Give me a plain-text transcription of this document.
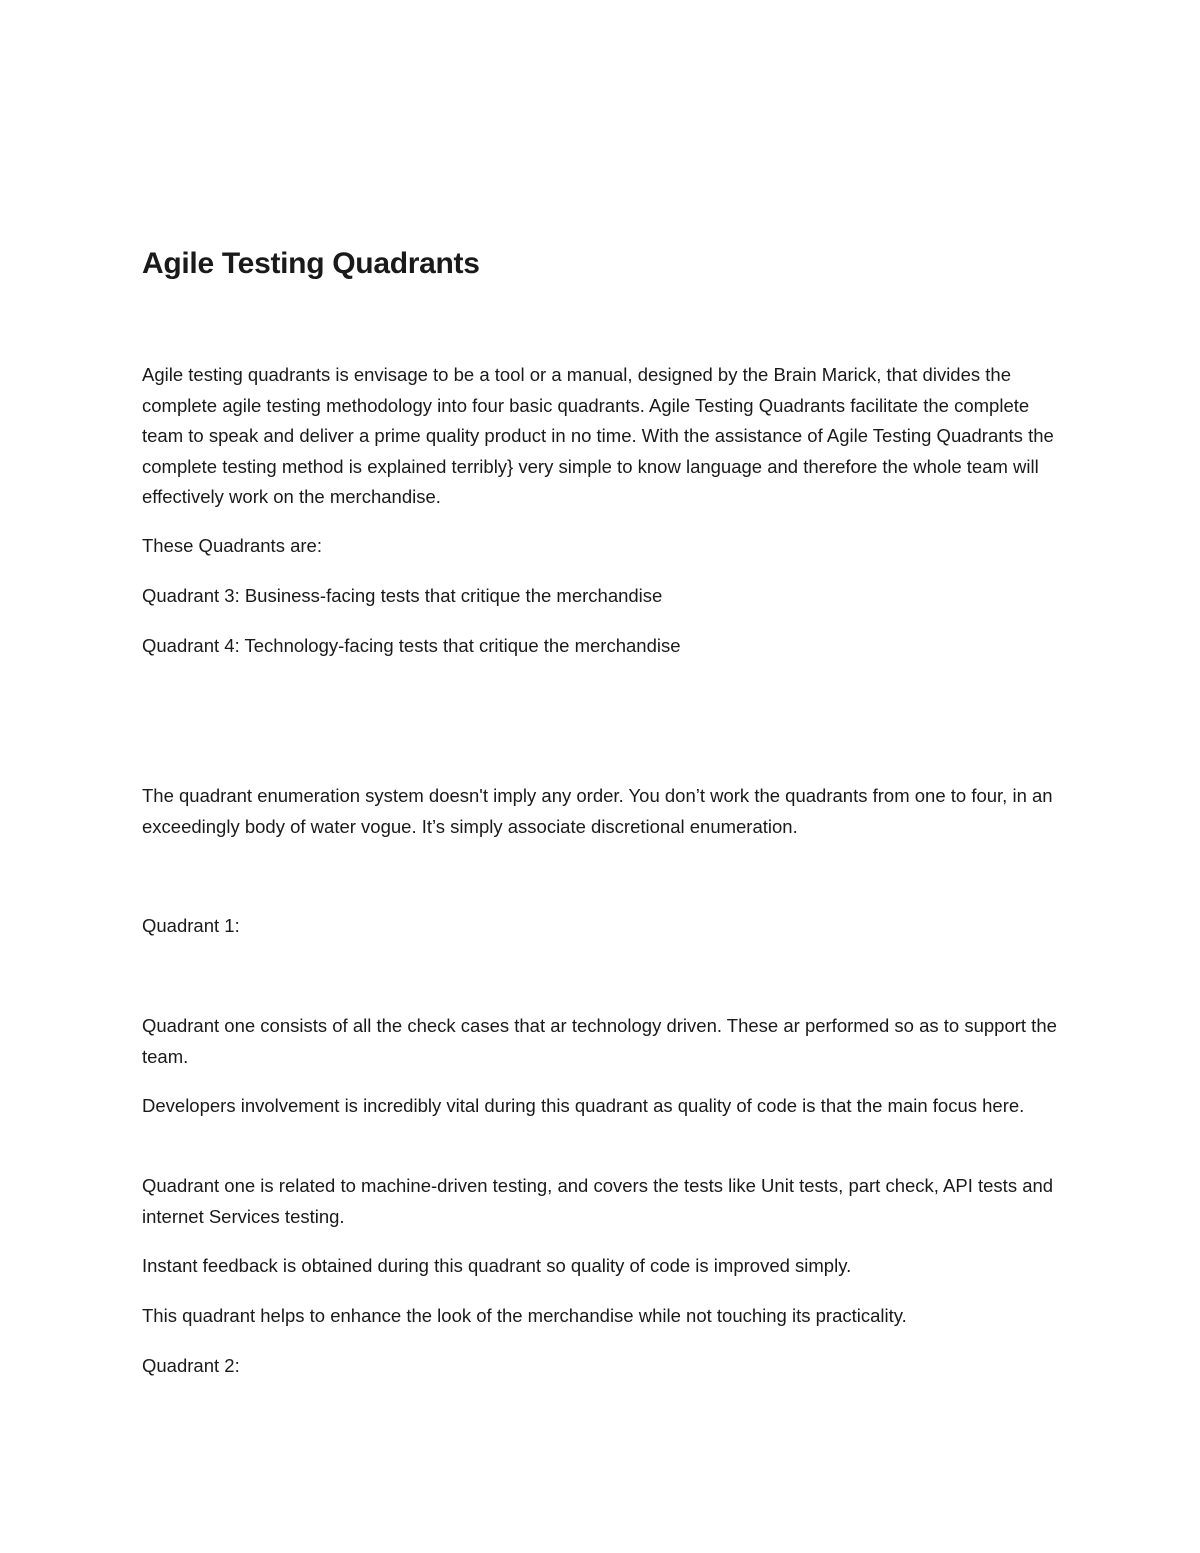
Agile Testing Quadrants

Agile testing quadrants is envisage to be a tool or a manual, designed by the Brain Marick, that divides the complete agile testing methodology into four basic quadrants. Agile Testing Quadrants facilitate the complete team to speak and deliver a prime quality product in no time. With the assistance of Agile Testing Quadrants the complete testing method is explained terribly} very simple to know language and therefore the whole team will effectively work on the merchandise.

These Quadrants are:

Quadrant 3: Business-facing tests that critique the merchandise

Quadrant 4: Technology-facing tests that critique the merchandise

The quadrant enumeration system doesn't imply any order. You don’t work the quadrants from one to four, in an exceedingly body of water vogue. It’s simply associate discretional enumeration.

Quadrant 1:

Quadrant one consists of all the check cases that ar technology driven. These ar performed so as to support the team.

Developers involvement is incredibly vital during this quadrant as quality of code is that the main focus here.

Quadrant one is related to machine-driven testing, and covers the tests like Unit tests, part check, API tests and internet Services testing.

Instant feedback is obtained during this quadrant so quality of code is improved simply.

This quadrant helps to enhance the look of the merchandise while not touching its practicality.

Quadrant 2:
